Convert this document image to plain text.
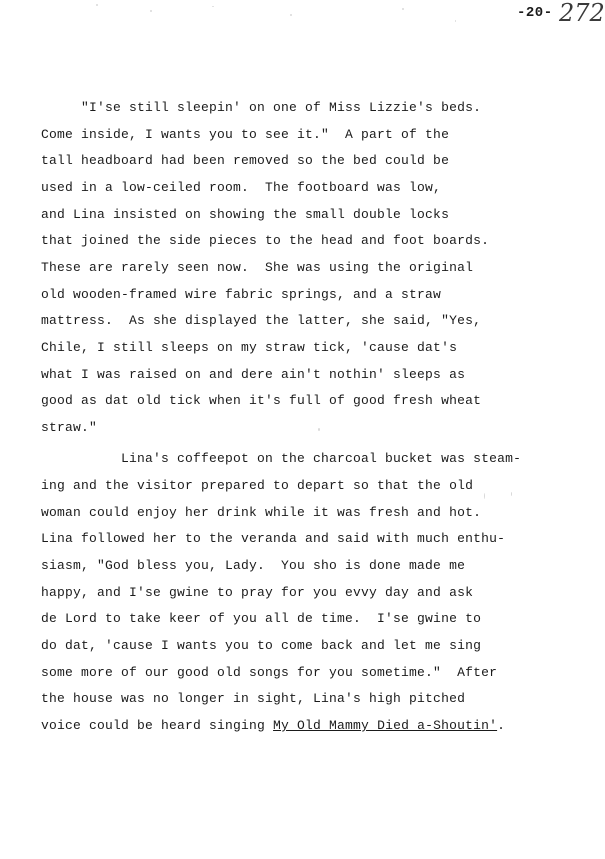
-20- 272
"I'se still sleepin' on one of Miss Lizzie's beds.
Come inside, I wants you to see it."  A part of the
tall headboard had been removed so the bed could be
used in a low-ceiled room.  The footboard was low,
and Lina insisted on showing the small double locks
that joined the side pieces to the head and foot boards.
These are rarely seen now.  She was using the original
old wooden-framed wire fabric springs, and a straw
mattress.  As she displayed the latter, she said, "Yes,
Chile, I still sleeps on my straw tick, 'cause dat's
what I was raised on and dere ain't nothin' sleeps as
good as dat old tick when it's full of good fresh wheat
straw."
Lina's coffeepot on the charcoal bucket was steam-
ing and the visitor prepared to depart so that the old
woman could enjoy her drink while it was fresh and hot.
Lina followed her to the veranda and said with much enthu-
siasm, "God bless you, Lady.  You sho is done made me
happy, and I'se gwine to pray for you evvy day and ask
de Lord to take keer of you all de time.  I'se gwine to
do dat, 'cause I wants you to come back and let me sing
some more of our good old songs for you sometime."  After
the house was no longer in sight, Lina's high pitched
voice could be heard singing My Old Mammy Died a-Shoutin'.
